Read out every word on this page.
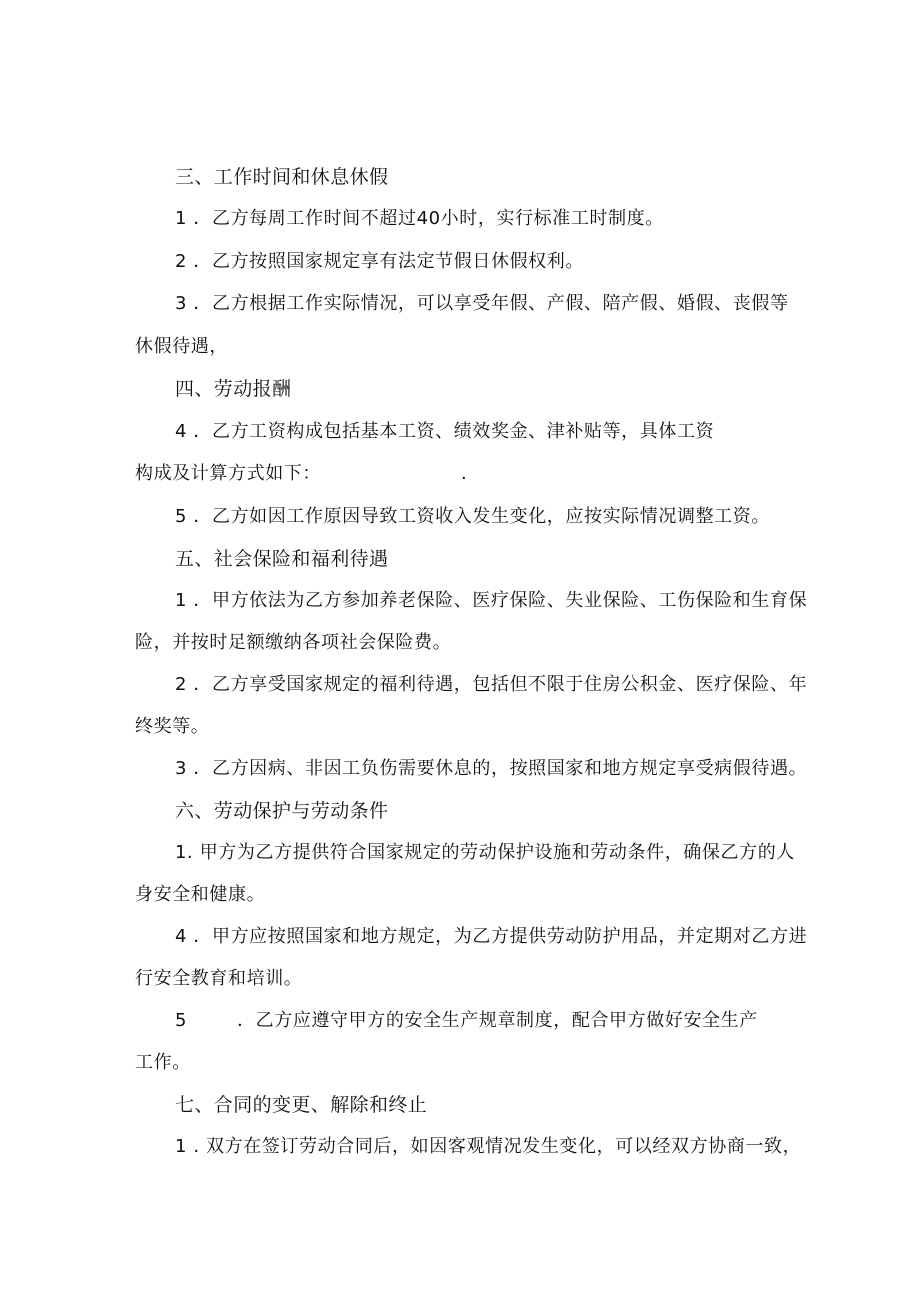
三、工作时间和休息休假
1 ．乙方每周工作时间不超过40小时，实行标准工时制度。
2 ．乙方按照国家规定享有法定节假日休假权利。
3 ．乙方根据工作实际情况，可以享受年假、产假、陪产假、婚假、丧假等
休假待遇，
四、劳动报酬
4 ．乙方工资构成包括基本工资、绩效奖金、津补贴等，具体工资
构成及计算方式如下：	.
5 ．乙方如因工作原因导致工资收入发生变化，应按实际情况调整工资。
五、社会保险和福利待遇
1 ．甲方依法为乙方参加养老保险、医疗保险、失业保险、工伤保险和生育保
险，并按时足额缴纳各项社会保险费。
2 ．乙方享受国家规定的福利待遇，包括但不限于住房公积金、医疗保险、年
终奖等。
3 ．乙方因病、非因工负伤需要休息的，按照国家和地方规定享受病假待遇。
六、劳动保护与劳动条件
1. 甲方为乙方提供符合国家规定的劳动保护设施和劳动条件，确保乙方的人
身安全和健康。
4 ．甲方应按照国家和地方规定，为乙方提供劳动防护用品，并定期对乙方进
行安全教育和培训。
5	．乙方应遵守甲方的安全生产规章制度，配合甲方做好安全生产
工作。
七、合同的变更、解除和终止
1 . 双方在签订劳动合同后，如因客观情况发生变化，可以经双方协商一致，
